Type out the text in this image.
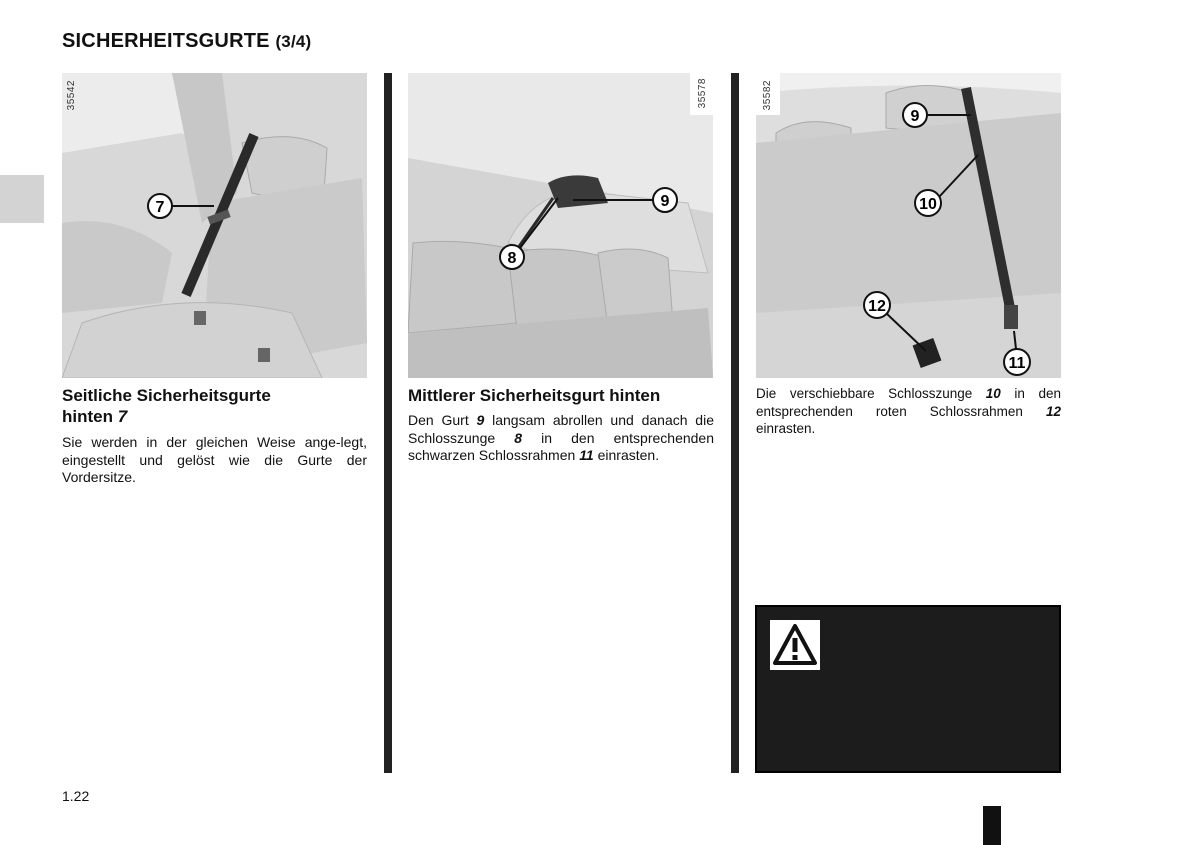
SICHERHEITSGURTE (3/4)
7
35542
9
8
35578
9
10
12
11
35582
Seitliche Sicherheitsgurte
hinten 7
Sie werden in der gleichen Weise ange-legt, eingestellt und gelöst wie die Gurte der Vordersitze.
Mittlerer Sicherheitsgurt hinten
Den Gurt 9 langsam abrollen und danach die Schlosszunge 8 in den entsprechenden schwarzen Schlossrahmen 11 einrasten.
Die verschiebbare Schlosszunge 10 in den entsprechenden roten Schlossrahmen 12 einrasten.
1.22
